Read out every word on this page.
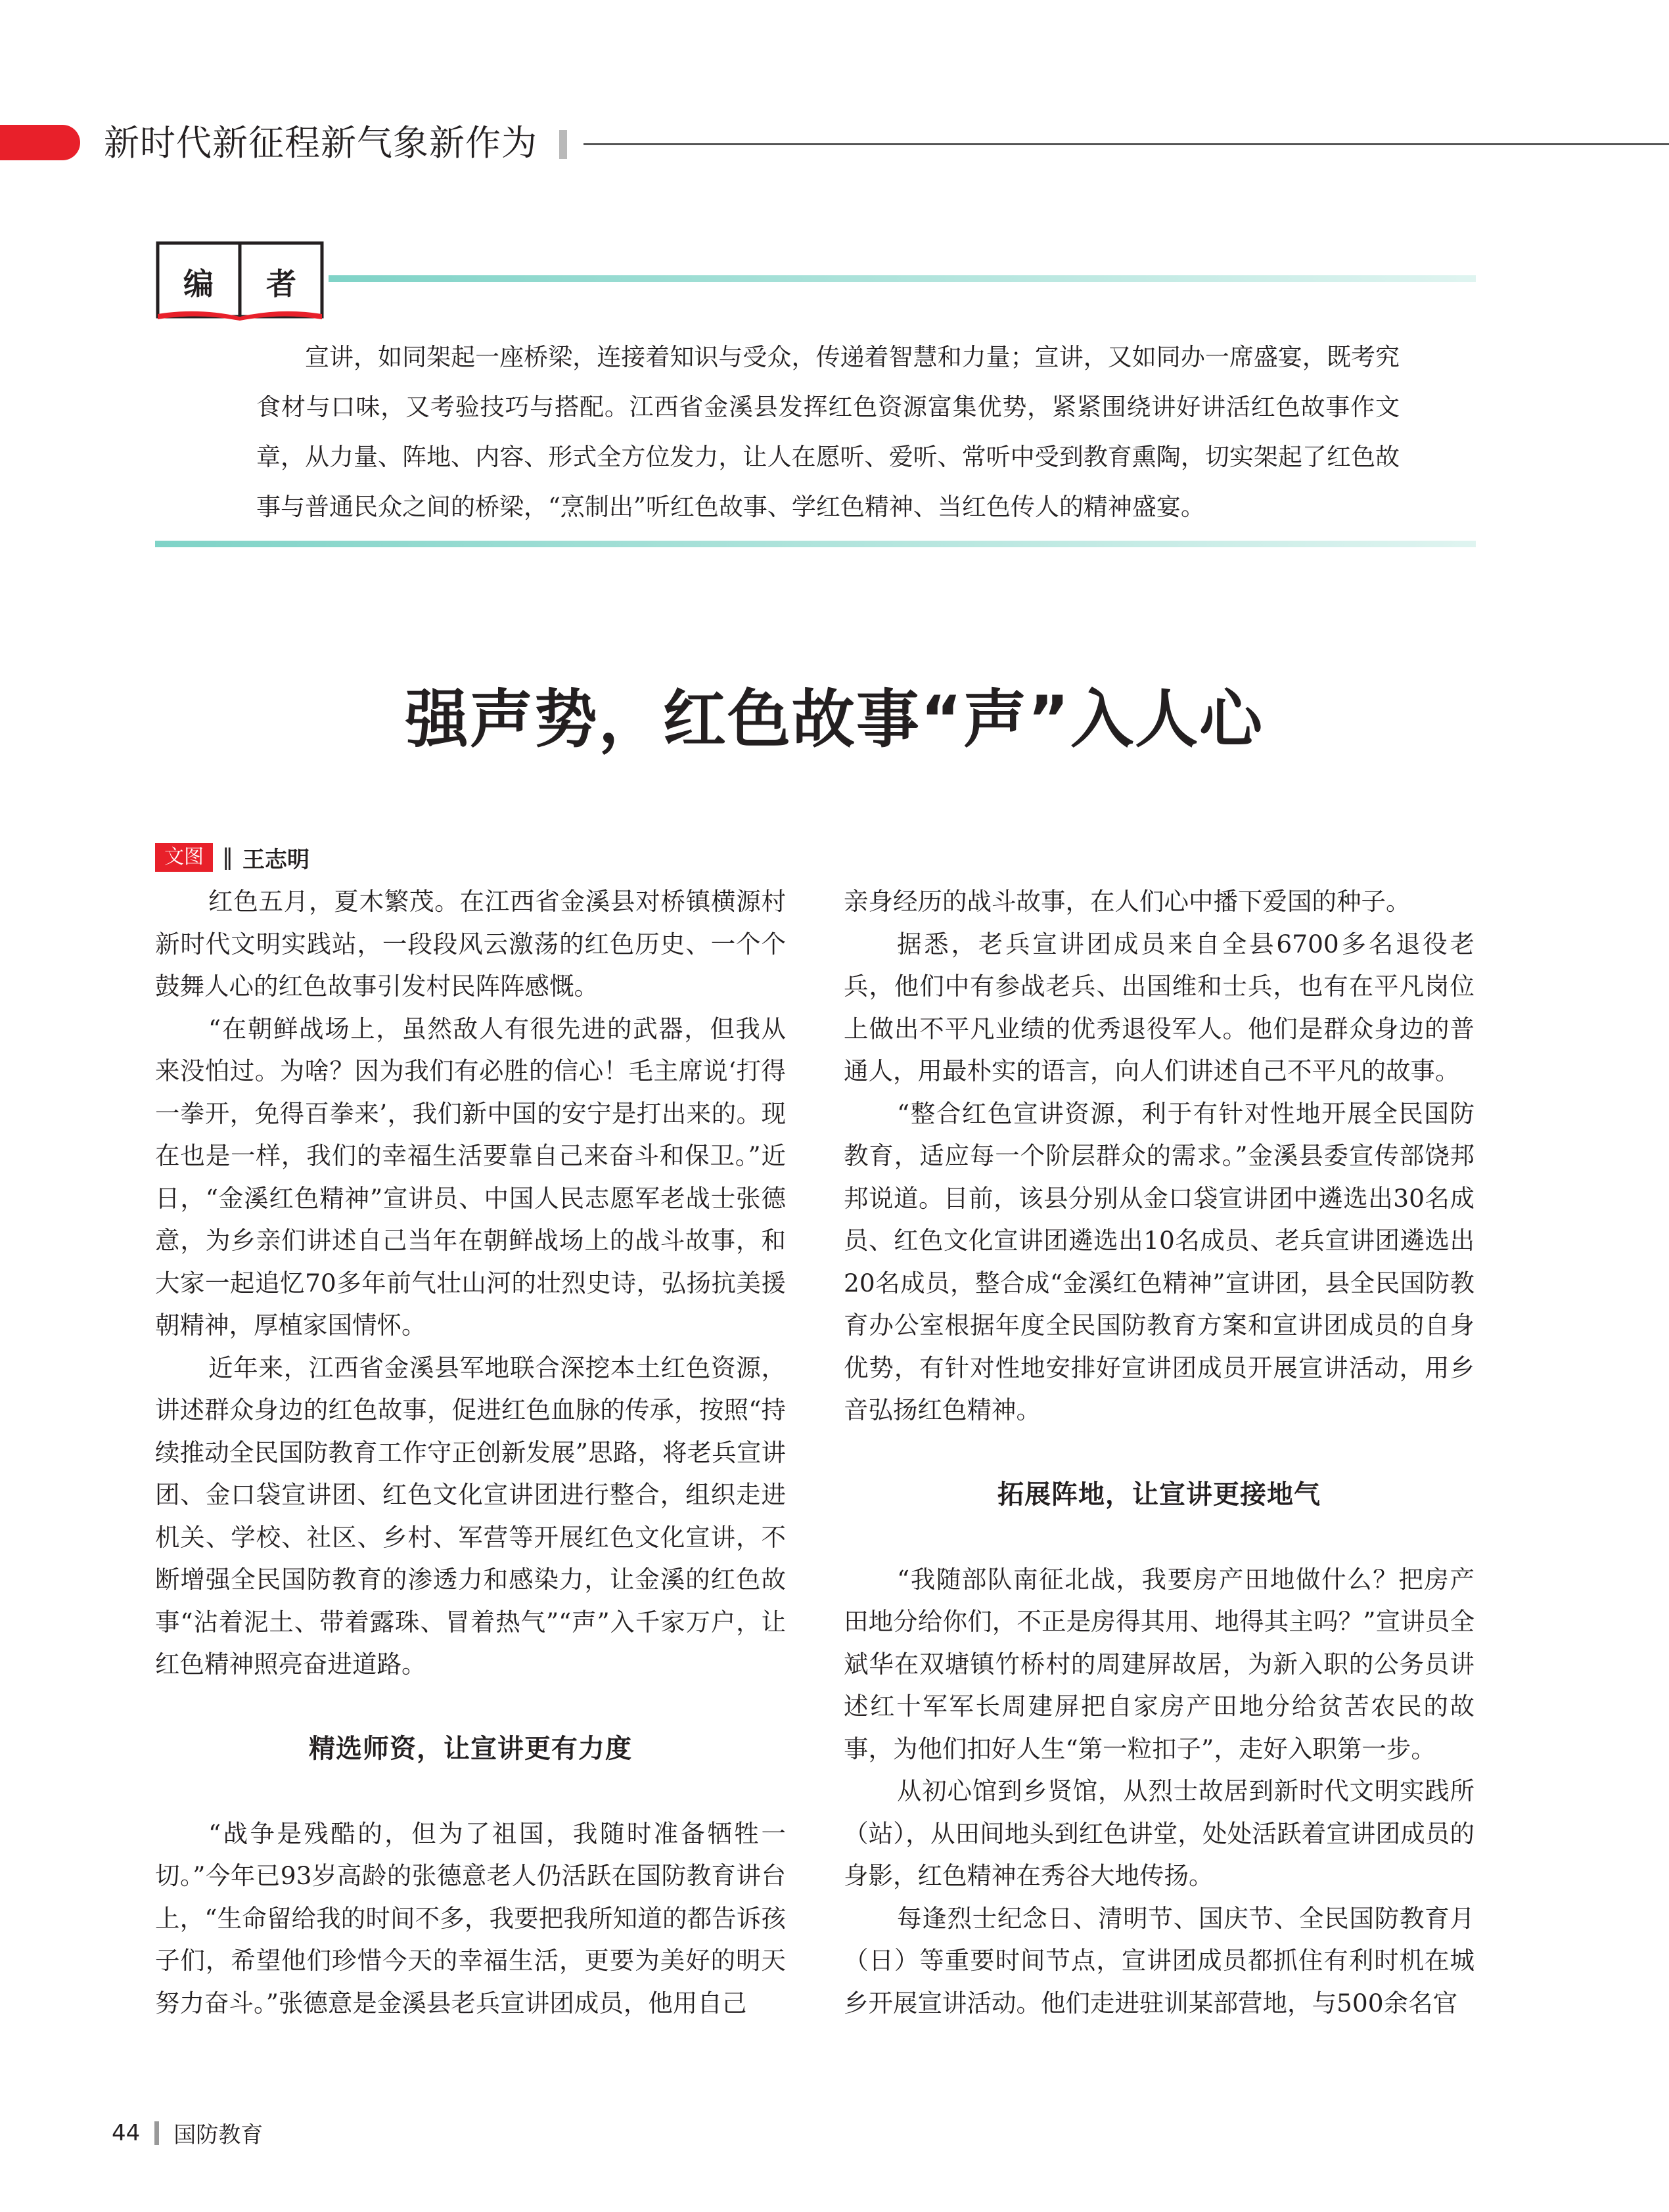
新时代新征程新气象新作为
编 者
宣讲，如同架起一座桥梁，连接着知识与受众，传递着智慧和力量；宣讲，又如同办一席盛宴，既考究食材与口味，又考验技巧与搭配。江西省金溪县发挥红色资源富集优势，紧紧围绕讲好讲活红色故事作文章，从力量、阵地、内容、形式全方位发力，让人在愿听、爱听、常听中受到教育熏陶，切实架起了红色故事与普通民众之间的桥梁，“烹制出”听红色故事、学红色精神、当红色传人的精神盛宴。
强声势，红色故事“声”入人心
文图 ‖ 王志明

红色五月，夏木繁茂。在江西省金溪县对桥镇横源村新时代文明实践站，一段段风云激荡的红色历史、一个个鼓舞人心的红色故事引发村民阵阵感慨。

“在朝鲜战场上，虽然敌人有很先进的武器，但我从来没怕过。为啥？因为我们有必胜的信心！毛主席说‘打得一拳开，免得百拳来’，我们新中国的安宁是打出来的。现在也是一样，我们的幸福生活要靠自己来奋斗和保卫。”近日，“金溪红色精神”宣讲员、中国人民志愿军老战士张德意，为乡亲们讲述自己当年在朝鲜战场上的战斗故事，和大家一起追忆70多年前气壮山河的壮烈史诗，弘扬抗美援朝精神，厚植家国情怀。

近年来，江西省金溪县军地联合深挖本土红色资源，讲述群众身边的红色故事，促进红色血脉的传承，按照“持续推动全民国防教育工作守正创新发展”思路，将老兵宣讲团、金口袋宣讲团、红色文化宣讲团进行整合，组织走进机关、学校、社区、乡村、军营等开展红色文化宣讲，不断增强全民国防教育的渗透力和感染力，让金溪的红色故事“沾着泥土、带着露珠、冒着热气”“声”入千家万户，让红色精神照亮奋进道路。

精选师资，让宣讲更有力度

“战争是残酷的，但为了祖国，我随时准备牺牲一切。”今年已93岁高龄的张德意老人仍活跃在国防教育讲台上，“生命留给我的时间不多，我要把我所知道的都告诉孩子们，希望他们珍惜今天的幸福生活，更要为美好的明天努力奋斗。”张德意是金溪县老兵宣讲团成员，他用自己

亲身经历的战斗故事，在人们心中播下爱国的种子。

据悉，老兵宣讲团成员来自全县6700多名退役老兵，他们中有参战老兵、出国维和士兵，也有在平凡岗位上做出不平凡业绩的优秀退役军人。他们是群众身边的普通人，用最朴实的语言，向人们讲述自己不平凡的故事。

“整合红色宣讲资源，利于有针对性地开展全民国防教育，适应每一个阶层群众的需求。”金溪县委宣传部饶邦邦说道。目前，该县分别从金口袋宣讲团中遴选出30名成员、红色文化宣讲团遴选出10名成员、老兵宣讲团遴选出20名成员，整合成“金溪红色精神”宣讲团，县全民国防教育办公室根据年度全民国防教育方案和宣讲团成员的自身优势，有针对性地安排好宣讲团成员开展宣讲活动，用乡音弘扬红色精神。

拓展阵地，让宣讲更接地气

“我随部队南征北战，我要房产田地做什么？把房产田地分给你们，不正是房得其用、地得其主吗？”宣讲员全斌华在双塘镇竹桥村的周建屏故居，为新入职的公务员讲述红十军军长周建屏把自家房产田地分给贫苦农民的故事，为他们扣好人生“第一粒扣子”，走好入职第一步。

从初心馆到乡贤馆，从烈士故居到新时代文明实践所（站），从田间地头到红色讲堂，处处活跃着宣讲团成员的身影，红色精神在秀谷大地传扬。

每逢烈士纪念日、清明节、国庆节、全民国防教育月（日）等重要时间节点，宣讲团成员都抓住有利时机在城乡开展宣讲活动。他们走进驻训某部营地，与500余名官

44 国防教育
